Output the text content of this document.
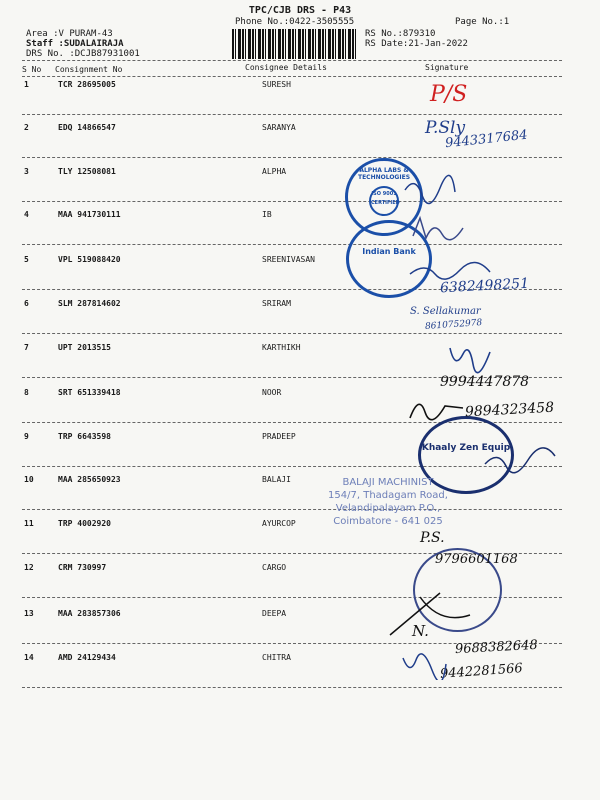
TPC/CJB DRS - P43
Phone No.:0422-3505555	Page No.:1
Area :V PURAM-43
Staff :SUDALAIRAJA
DRS No. :DCJB87931001
RS No.:879310
RS Date:21-Jan-2022
S No Consignment No	Consignee Details	Signature
1	TCR 28695005	SURESH
2	EDQ 14866547	SARANYA
3	TLY 12508081	ALPHA
4	MAA 941730111	IB
5	VPL 519088420	SREENIVASAN
6	SLM 287814602	SRIRAM
7	UPT 2013515	KARTHIKH
8	SRT 651339418	NOOR
9	TRP 6643598	PRADEEP
10	MAA 285650923	BALAJI
11	TRP 4002920	AYURCOP
12	CRM 730997	CARGO
13	MAA 283857306	DEEPA
14	AMD 24129434	CHITRA
ALPHA LABS & TECHNOLOGIES
ISO 9001 CERTIFIED
Indian Bank
Khaaly Zen Equip
BALAJI MACHINIST
154/7, Thadagam Road,
Velandipalayam P.O.,
Coimbatore - 641 025
P/S
P.Sly
9443317684
6382498251
S. Sellakumar
8610752978
9994447878
9894323458
P.S.
9796601168
N.
9688382648
9442281566
